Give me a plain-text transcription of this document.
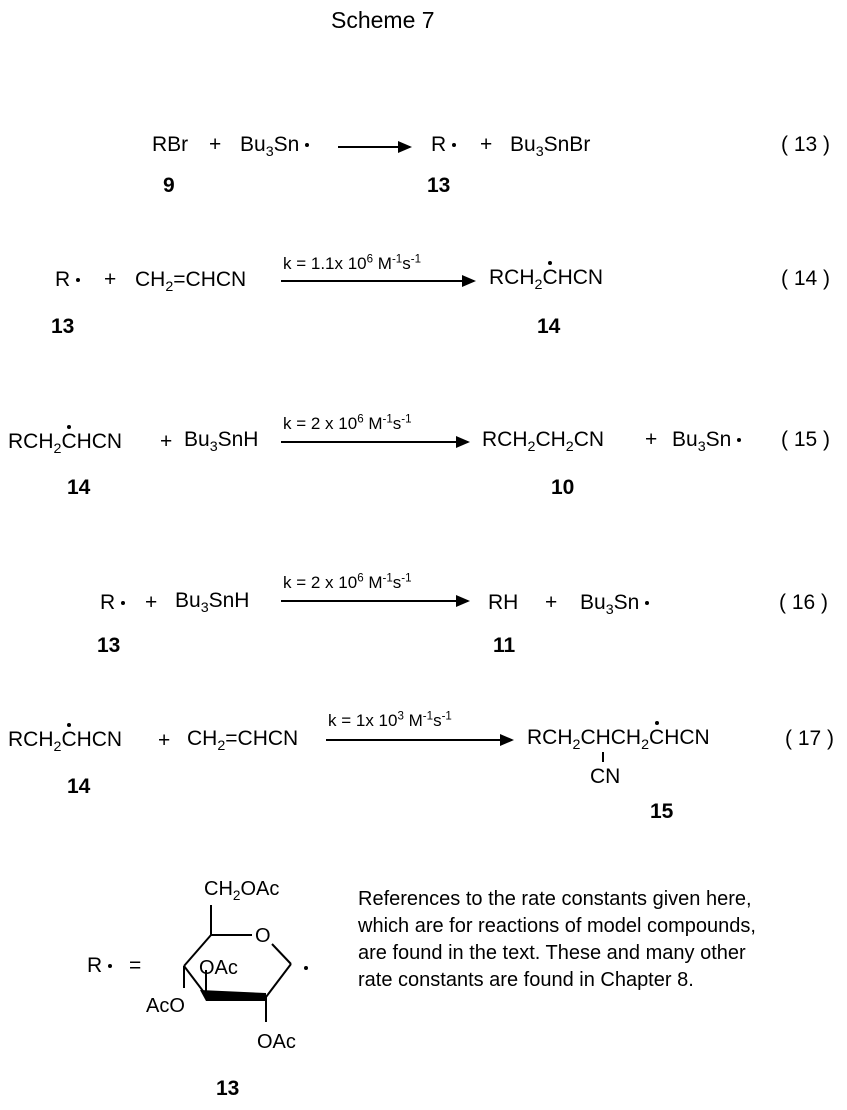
Scheme 7
RBr + $Bu_3Sn$	R	+ $Bu_3SnBr$	( 13 )
9	13
R	+ $CH_2=CHCN$
k = 1.1x $10^6$ $M^{-1}s^{-1}$
$RCH_2$
CHCN	( 14 )
13	14
$RCH_2$
CHCN + $Bu_3SnH$
k = 2 x $10^6$ $M^{-1}s^{-1}$
$RCH_2CH_2CN + Bu_3Sn$	( 15 )
14	10
R	+ $Bu_3SnH$
k = 2 x $10^6$ $M^{-1}s^{-1}$
RH + $Bu_3Sn$	( 16 )
13	11
$RCH_2$
CHCN + $CH_2=CHCN$
k = 1x $10^3$ $M^{-1}s^{-1}$
$RCH_2CHCH_2$
CHCN
CN
( 17 )
14
15
R	=
$CH_2OAc$
O
OAc
AcO
OAc
13
References to the rate constants given here, which are for reactions of model compounds, are found in the text. These and many other rate constants are found in Chapter 8.
